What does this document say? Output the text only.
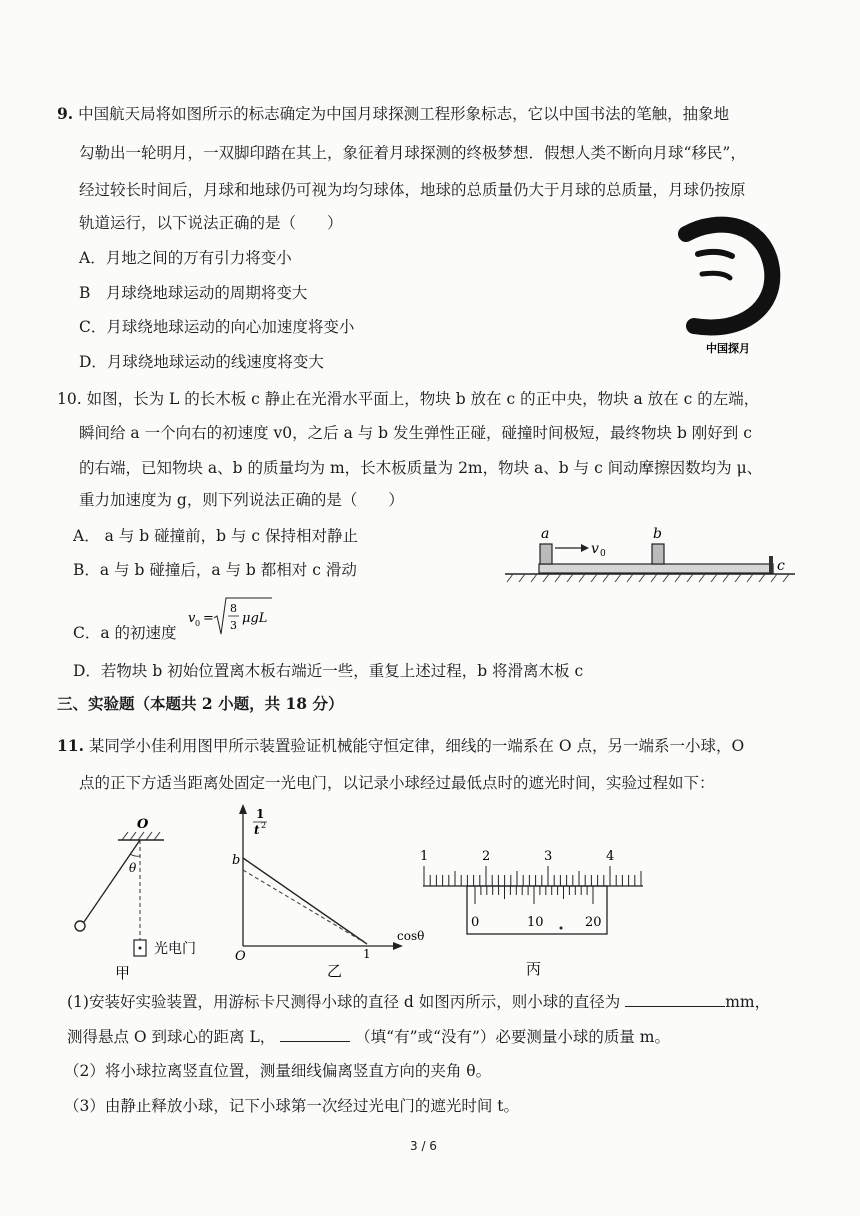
9. 中国航天局将如图所示的标志确定为中国月球探测工程形象标志，它以中国书法的笔触，抽象地
勾勒出一轮明月，一双脚印踏在其上，象征着月球探测的终极梦想．假想人类不断向月球“移民”，
经过较长时间后，月球和地球仍可视为均匀球体，地球的总质量仍大于月球的总质量，月球仍按原
轨道运行，以下说法正确的是（　　）
A．月地之间的万有引力将变小
B　月球绕地球运动的周期将变大
C．月球绕地球运动的向心加速度将变小
D．月球绕地球运动的线速度将变大
中国探月
10. 如图，长为 L 的长木板 c 静止在光滑水平面上，物块 b 放在 c 的正中央，物块 a 放在 c 的左端，
瞬间给 a 一个向右的初速度 v0，之后 a 与 b 发生弹性正碰，碰撞时间极短，最终物块 b 刚好到 c
的右端，已知物块 a、b 的质量均为 m，长木板质量为 2m，物块 a、b 与 c 间动摩擦因数均为 μ、
重力加速度为 g，则下列说法正确的是（　　）
A． a 与 b 碰撞前，b 与 c 保持相对静止
B．a 与 b 碰撞后，a 与 b 都相对 c 滑动
C．a 的初速度
v 0 =
8
3 μgL
D．若物块 b 初始位置离木板右端近一些，重复上述过程，b 将滑离木板 c
a	b
c
v 0
三、实验题（本题共 2 小题，共 18 分）
11. 某同学小佳利用图甲所示装置验证机械能守恒定律，细线的一端系在 O 点，另一端系一小球，O
点的正下方适当距离处固定一光电门，以记录小球经过最低点时的遮光时间，实验过程如下：
O
θ
光电门
甲
1
t 2
b
O	1
cosθ
乙
1	2	3	4
0	10	20
丙
(1)安装好实验装置，用游标卡尺测得小球的直径 d 如图丙所示，则小球的直径为	mm，
测得悬点 O 到球心的距离 L，	（填“有”或“没有”）必要测量小球的质量 m。
（2）将小球拉离竖直位置，测量细线偏离竖直方向的夹角 θ。
（3）由静止释放小球，记下小球第一次经过光电门的遮光时间 t。
3 / 6
